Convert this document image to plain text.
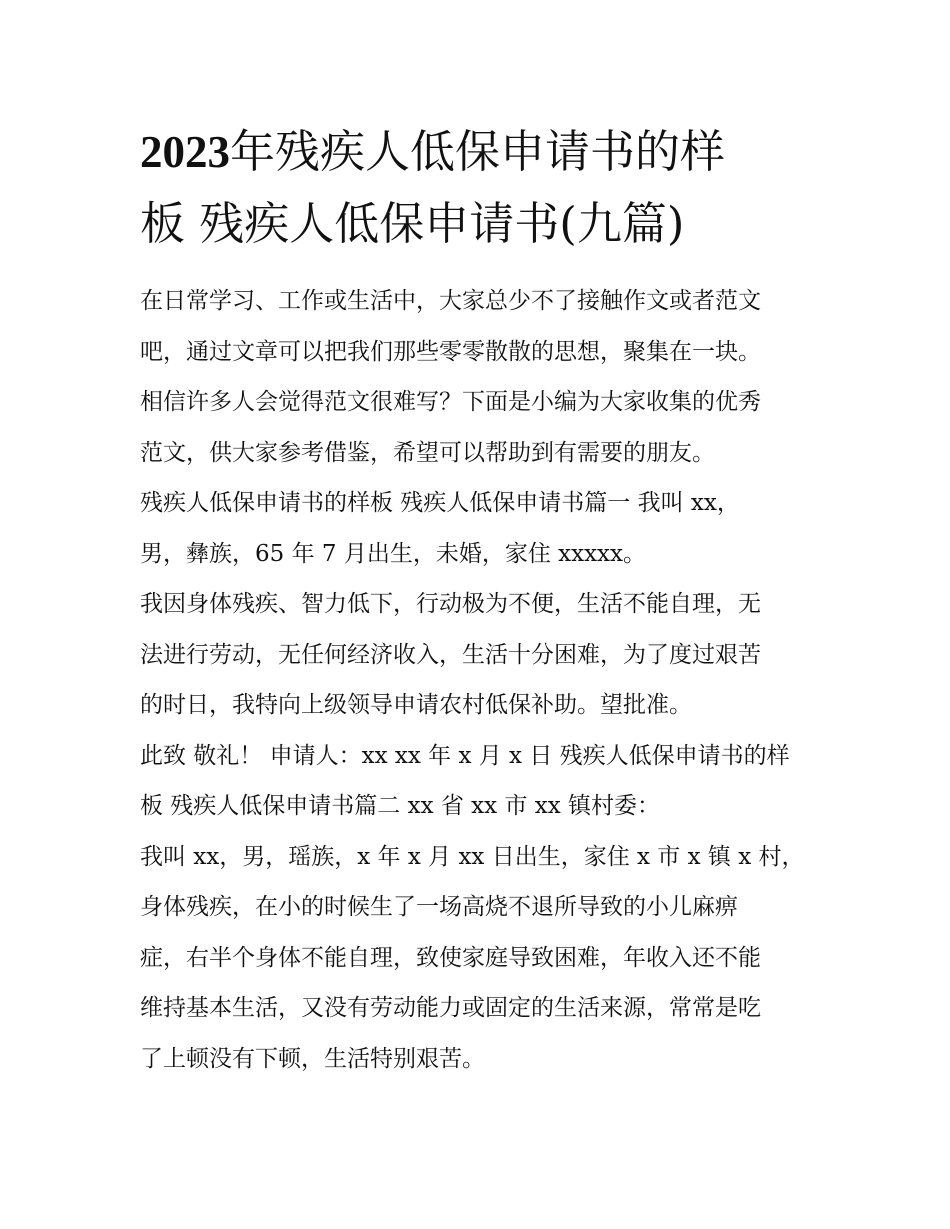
2023年残疾人低保申请书的样
板 残疾人低保申请书(九篇)

在日常学习、工作或生活中，大家总少不了接触作文或者范文

吧，通过文章可以把我们那些零零散散的思想，聚集在一块。

相信许多人会觉得范文很难写？下面是小编为大家收集的优秀

范文，供大家参考借鉴，希望可以帮助到有需要的朋友。

残疾人低保申请书的样板 残疾人低保申请书篇一 我叫 xx，

男，彝族，65 年 7 月出生，未婚，家住 xxxxx。

我因身体残疾、智力低下，行动极为不便，生活不能自理，无

法进行劳动，无任何经济收入，生活十分困难，为了度过艰苦

的时日，我特向上级领导申请农村低保补助。望批准。

此致 敬礼！ 申请人：xx xx 年 x 月 x 日 残疾人低保申请书的样

板 残疾人低保申请书篇二 xx 省 xx 市 xx 镇村委：

我叫 xx，男，瑶族，x 年 x 月 xx 日出生，家住 x 市 x 镇 x 村，

身体残疾，在小的时候生了一场高烧不退所导致的小儿麻痹

症，右半个身体不能自理，致使家庭导致困难，年收入还不能

维持基本生活，又没有劳动能力或固定的生活来源，常常是吃

了上顿没有下顿，生活特别艰苦。
